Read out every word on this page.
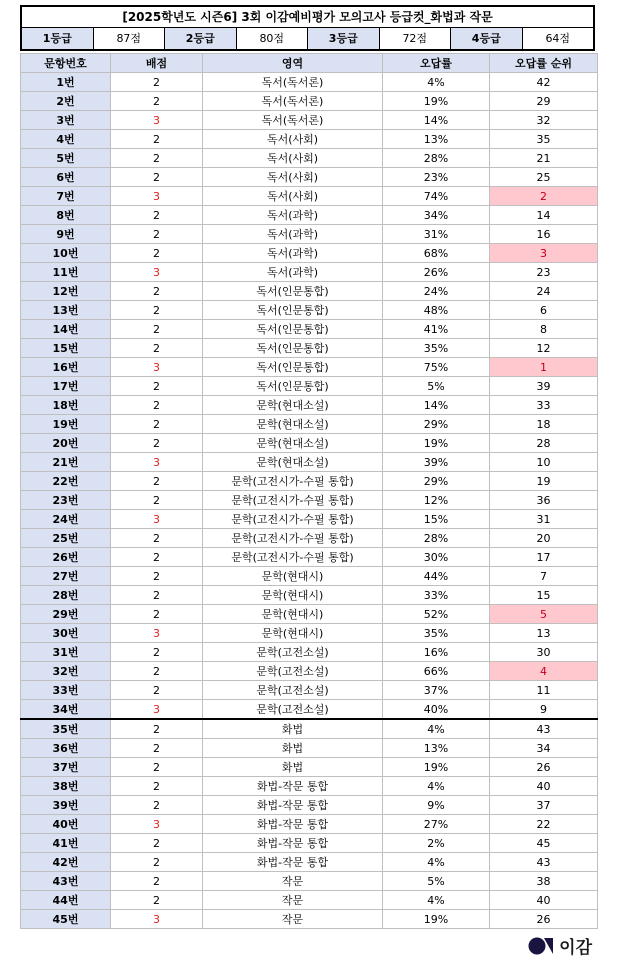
[2025학년도 시즌6] 3회 이감예비평가 모의고사 등급컷_화법과 작문
1등급	87점	2등급	80점	3등급	72점	4등급	64점
문항번호	배점	영역	오답률	오답률 순위
1번	2	독서(독서론)	4%	42
2번	2	독서(독서론)	19%	29
3번	3	독서(독서론)	14%	32
4번	2	독서(사회)	13%	35
5번	2	독서(사회)	28%	21
6번	2	독서(사회)	23%	25
7번	3	독서(사회)	74%	2
8번	2	독서(과학)	34%	14
9번	2	독서(과학)	31%	16
10번	2	독서(과학)	68%	3
11번	3	독서(과학)	26%	23
12번	2	독서(인문통합)	24%	24
13번	2	독서(인문통합)	48%	6
14번	2	독서(인문통합)	41%	8
15번	2	독서(인문통합)	35%	12
16번	3	독서(인문통합)	75%	1
17번	2	독서(인문통합)	5%	39
18번	2	문학(현대소설)	14%	33
19번	2	문학(현대소설)	29%	18
20번	2	문학(현대소설)	19%	28
21번	3	문학(현대소설)	39%	10
22번	2	문학(고전시가-수필 통합)	29%	19
23번	2	문학(고전시가-수필 통합)	12%	36
24번	3	문학(고전시가-수필 통합)	15%	31
25번	2	문학(고전시가-수필 통합)	28%	20
26번	2	문학(고전시가-수필 통합)	30%	17
27번	2	문학(현대시)	44%	7
28번	2	문학(현대시)	33%	15
29번	2	문학(현대시)	52%	5
30번	3	문학(현대시)	35%	13
31번	2	문학(고전소설)	16%	30
32번	2	문학(고전소설)	66%	4
33번	2	문학(고전소설)	37%	11
34번	3	문학(고전소설)	40%	9
35번	2	화법	4%	43
36번	2	화법	13%	34
37번	2	화법	19%	26
38번	2	화법-작문 통합	4%	40
39번	2	화법-작문 통합	9%	37
40번	3	화법-작문 통합	27%	22
41번	2	화법-작문 통합	2%	45
42번	2	화법-작문 통합	4%	43
43번	2	작문	5%	38
44번	2	작문	4%	40
45번	3	작문	19%	26
이감
